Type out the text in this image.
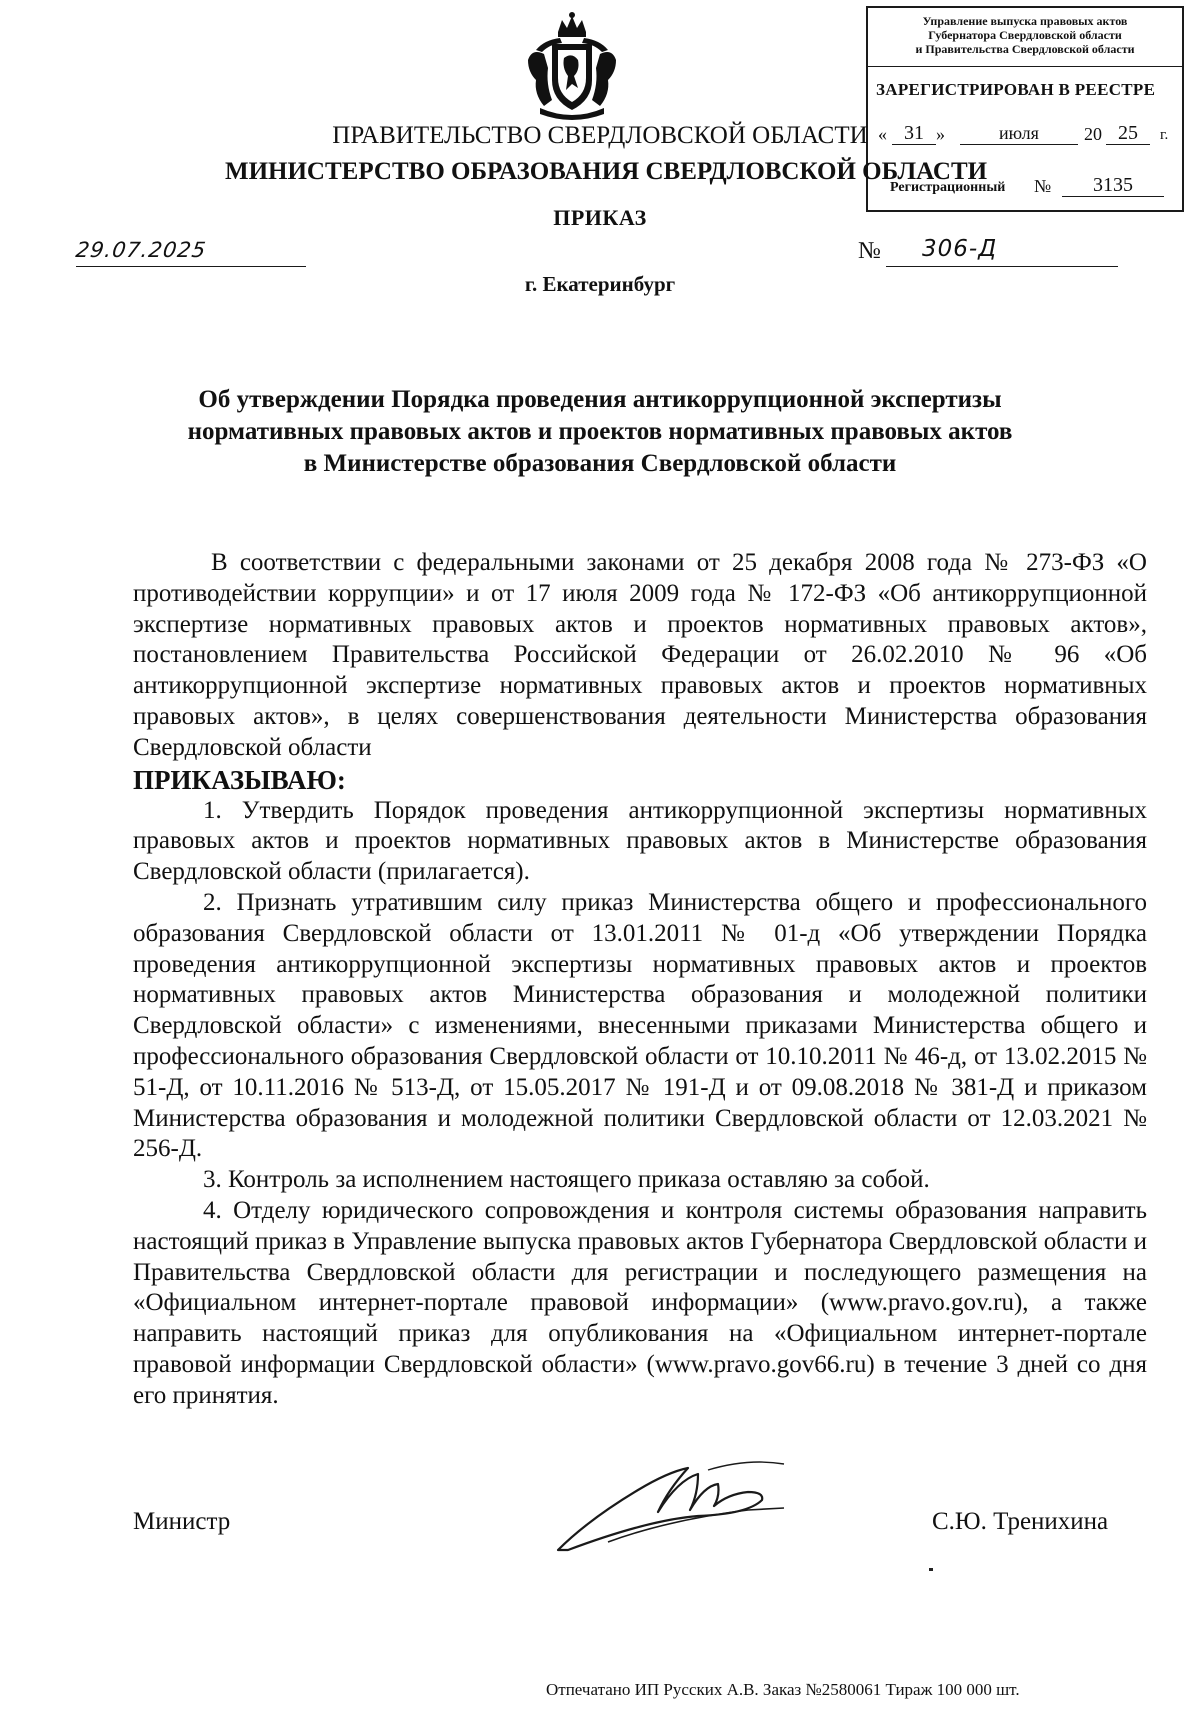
Управление выпуска правовых актов
Губернатора Свердловской области
и Правительства Свердловской области
ЗАРЕГИСТРИРОВАН В РЕЕСТРЕ
« 31 »	июля	20 25	г.
Регистрационный №	3135
ПРАВИТЕЛЬСТВО СВЕРДЛОВСКОЙ ОБЛАСТИ
МИНИСТЕРСТВО ОБРАЗОВАНИЯ СВЕРДЛОВСКОЙ ОБЛАСТИ
ПРИКАЗ
29.07.2025	№ 306-Д
г. Екатеринбург
Об утверждении Порядка проведения антикоррупционной экспертизы
нормативных правовых актов и проектов нормативных правовых актов
в Министерстве образования Свердловской области

В соответствии с федеральными законами от 25 декабря 2008 года № 273-ФЗ «О противодействии коррупции» и от 17 июля 2009 года № 172-ФЗ «Об антикоррупционной экспертизе нормативных правовых актов и проектов нормативных правовых актов», постановлением Правительства Российской Федерации от 26.02.2010 № 96 «Об антикоррупционной экспертизе нормативных правовых актов и проектов нормативных правовых актов», в целях совершенствования деятельности Министерства образования Свердловской области

ПРИКАЗЫВАЮ:

1. Утвердить Порядок проведения антикоррупционной экспертизы нормативных правовых актов и проектов нормативных правовых актов в Министерстве образования Свердловской области (прилагается).

2. Признать утратившим силу приказ Министерства общего и профессионального образования Свердловской области от 13.01.2011 № 01-д «Об утверждении Порядка проведения антикоррупционной экспертизы нормативных правовых актов и проектов нормативных правовых актов Министерства образования и молодежной политики Свердловской области» с изменениями, внесенными приказами Министерства общего и профессионального образования Свердловской области от 10.10.2011 № 46-д, от 13.02.2015 № 51-Д, от 10.11.2016 № 513-Д, от 15.05.2017 № 191-Д и от 09.08.2018 № 381-Д и приказом Министерства образования и молодежной политики Свердловской области от 12.03.2021 № 256-Д.

3. Контроль за исполнением настоящего приказа оставляю за собой.

4. Отделу юридического сопровождения и контроля системы образования направить настоящий приказ в Управление выпуска правовых актов Губернатора Свердловской области и Правительства Свердловской области для регистрации и последующего размещения на «Официальном интернет-портале правовой информации» (www.pravo.gov.ru), а также направить настоящий приказ для опубликования на «Официальном интернет-портале правовой информации Свердловской области» (www.pravo.gov66.ru) в течение 3 дней со дня его принятия.

Министр	С.Ю. Тренихина
Отпечатано ИП Русских А.В. Заказ №2580061 Тираж 100 000 шт.
